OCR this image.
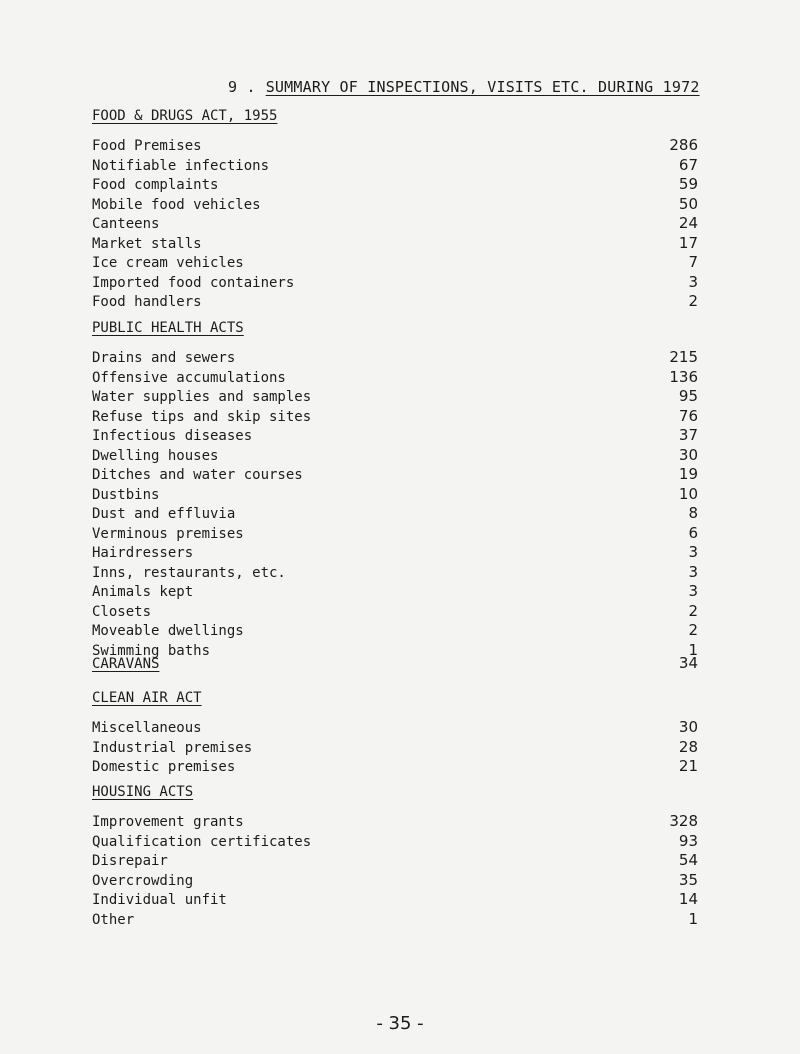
9 . SUMMARY OF INSPECTIONS, VISITS ETC. DURING 1972
FOOD & DRUGS ACT, 1955
Food Premises	286
Notifiable infections	67
Food complaints	59
Mobile food vehicles	50
Canteens	24
Market stalls	17
Ice cream vehicles	7
Imported food containers	3
Food handlers	2
PUBLIC HEALTH ACTS
Drains and sewers	215
Offensive accumulations	136
Water supplies and samples	95
Refuse tips and skip sites	76
Infectious diseases	37
Dwelling houses	30
Ditches and water courses	19
Dustbins	10
Dust and effluvia	8
Verminous premises	6
Hairdressers	3
Inns, restaurants, etc.	3
Animals kept	3
Closets	2
Moveable dwellings	2
Swimming baths	1
CARAVANS	34
CLEAN AIR ACT
Miscellaneous	30
Industrial premises	28
Domestic premises	21
HOUSING ACTS
Improvement grants	328
Qualification certificates	93
Disrepair	54
Overcrowding	35
Individual unfit	14
Other	1
- 35 -
